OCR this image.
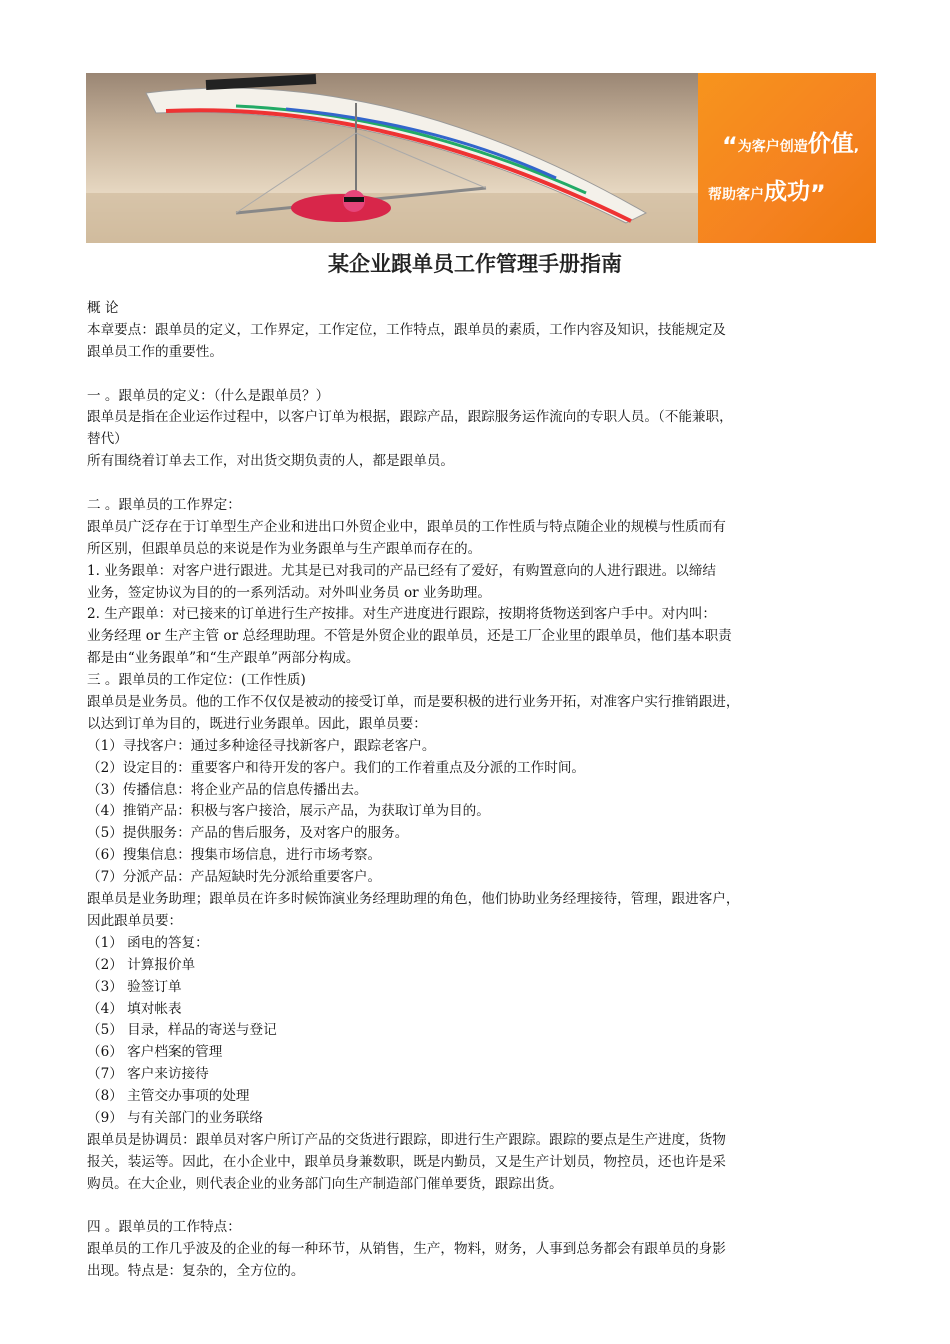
“为客户创造价值,
帮助客户成功”
某企业跟单员工作管理手册指南
概 论
本章要点：跟单员的定义，工作界定，工作定位，工作特点，跟单员的素质，工作内容及知识，技能规定及
跟单员工作的重要性。
一 。跟单员的定义：（什么是跟单员？）
跟单员是指在企业运作过程中，以客户订单为根据，跟踪产品，跟踪服务运作流向的专职人员。（不能兼职，
替代）
所有围绕着订单去工作，对出货交期负责的人，都是跟单员。
二 。跟单员的工作界定：
跟单员广泛存在于订单型生产企业和进出口外贸企业中，跟单员的工作性质与特点随企业的规模与性质而有
所区别，但跟单员总的来说是作为业务跟单与生产跟单而存在的。
1. 业务跟单：对客户进行跟进。尤其是已对我司的产品已经有了爱好，有购置意向的人进行跟进。以缔结
业务，签定协议为目的的一系列活动。对外叫业务员 or 业务助理。
2. 生产跟单：对已接来的订单进行生产按排。对生产进度进行跟踪，按期将货物送到客户手中。对内叫：
业务经理 or 生产主管 or 总经理助理。不管是外贸企业的跟单员，还是工厂企业里的跟单员，他们基本职责
都是由“业务跟单”和“生产跟单”两部分构成。
三 。跟单员的工作定位：(工作性质)
跟单员是业务员。他的工作不仅仅是被动的接受订单，而是要积极的进行业务开拓，对准客户实行推销跟进，
以达到订单为目的，既进行业务跟单。因此，跟单员要：
（1）寻找客户：通过多种途径寻找新客户，跟踪老客户。
（2）设定目的：重要客户和待开发的客户。我们的工作着重点及分派的工作时间。
（3）传播信息：将企业产品的信息传播出去。
（4）推销产品：积极与客户接洽，展示产品，为获取订单为目的。
（5）提供服务：产品的售后服务，及对客户的服务。
（6）搜集信息：搜集市场信息，进行市场考察。
（7）分派产品：产品短缺时先分派给重要客户。
跟单员是业务助理；跟单员在许多时候饰演业务经理助理的角色，他们协助业务经理接待，管理，跟进客户，
因此跟单员要：
（1） 函电的答复：
（2） 计算报价单
（3） 验签订单
（4） 填对帐表
（5） 目录，样品的寄送与登记
（6） 客户档案的管理
（7） 客户来访接待
（8） 主管交办事项的处理
（9） 与有关部门的业务联络
跟单员是协调员：跟单员对客户所订产品的交货进行跟踪，即进行生产跟踪。跟踪的要点是生产进度，货物
报关，装运等。因此，在小企业中，跟单员身兼数职，既是内勤员，又是生产计划员，物控员，还也许是采
购员。在大企业，则代表企业的业务部门向生产制造部门催单要货，跟踪出货。
四 。跟单员的工作特点：
跟单员的工作几乎波及的企业的每一种环节，从销售，生产，物料，财务，人事到总务都会有跟单员的身影
出现。特点是：复杂的，全方位的。
